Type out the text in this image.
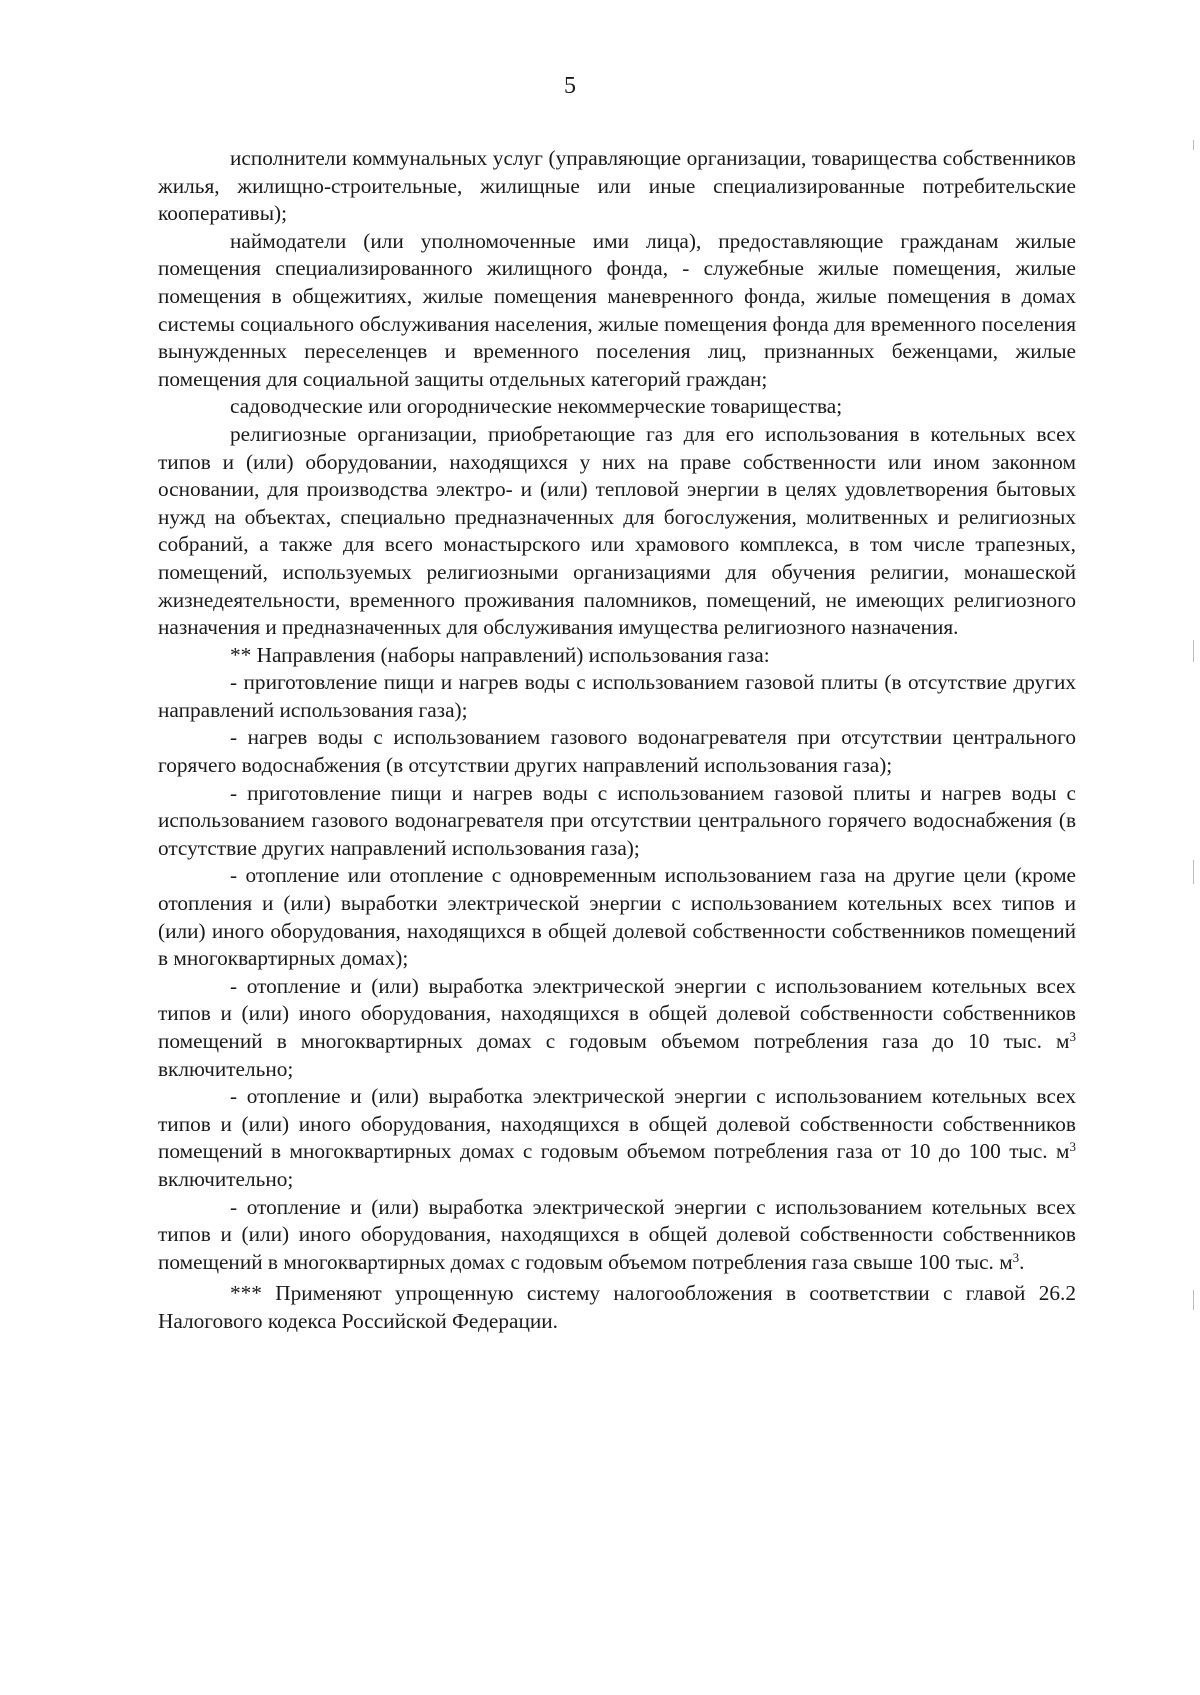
5

исполнители коммунальных услуг (управляющие организации, товарищества собственников жилья, жилищно-строительные, жилищные или иные специализированные потребительские кооперативы);

наймодатели (или уполномоченные ими лица), предоставляющие гражданам жилые помещения специализированного жилищного фонда, - служебные жилые помещения, жилые помещения в общежитиях, жилые помещения маневренного фонда, жилые помещения в домах системы социального обслуживания населения, жилые помещения фонда для временного поселения вынужденных переселенцев и временного поселения лиц, признанных беженцами, жилые помещения для социальной защиты отдельных категорий граждан;

садоводческие или огороднические некоммерческие товарищества;

религиозные организации, приобретающие газ для его использования в котельных всех типов и (или) оборудовании, находящихся у них на праве собственности или ином законном основании, для производства электро- и (или) тепловой энергии в целях удовлетворения бытовых нужд на объектах, специально предназначенных для богослужения, молитвенных и религиозных собраний, а также для всего монастырского или храмового комплекса, в том числе трапезных, помещений, используемых религиозными организациями для обучения религии, монашеской жизнедеятельности, временного проживания паломников, помещений, не имеющих религиозного назначения и предназначенных для обслуживания имущества религиозного назначения.

** Направления (наборы направлений) использования газа:

- приготовление пищи и нагрев воды с использованием газовой плиты (в отсутствие других направлений использования газа);

- нагрев воды с использованием газового водонагревателя при отсутствии центрального горячего водоснабжения (в отсутствии других направлений использования газа);

- приготовление пищи и нагрев воды с использованием газовой плиты и нагрев воды с использованием газового водонагревателя при отсутствии центрального горячего водоснабжения (в отсутствие других направлений использования газа);

- отопление или отопление с одновременным использованием газа на другие цели (кроме отопления и (или) выработки электрической энергии с использованием котельных всех типов и (или) иного оборудования, находящихся в общей долевой собственности собственников помещений в многоквартирных домах);

- отопление и (или) выработка электрической энергии с использованием котельных всех типов и (или) иного оборудования, находящихся в общей долевой собственности собственников помещений в многоквартирных домах с годовым объемом потребления газа до 10 тыс. $м^3$ включительно;

- отопление и (или) выработка электрической энергии с использованием котельных всех типов и (или) иного оборудования, находящихся в общей долевой собственности собственников помещений в многоквартирных домах с годовым объемом потребления газа от 10 до 100 тыс. $м^3$ включительно;

- отопление и (или) выработка электрической энергии с использованием котельных всех типов и (или) иного оборудования, находящихся в общей долевой собственности собственников помещений в многоквартирных домах с годовым объемом потребления газа свыше 100 тыс. $м^3$.

*** Применяют упрощенную систему налогообложения в соответствии с главой 26.2 Налогового кодекса Российской Федерации.
